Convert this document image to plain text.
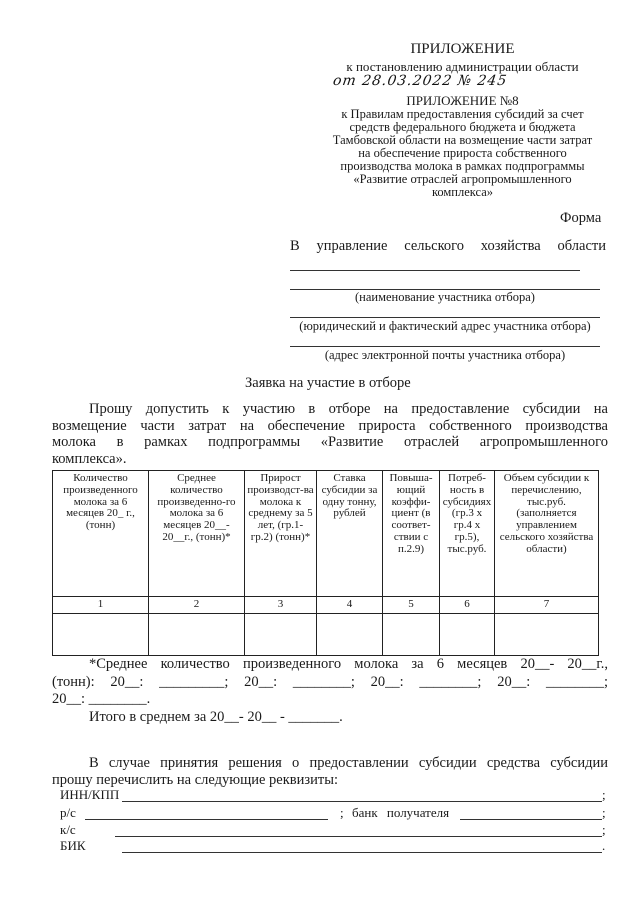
ПРИЛОЖЕНИЕ
к постановлению администрации области
от 28.03.2022 № 245
ПРИЛОЖЕНИЕ №8
к Правилам предоставления субсидий за счет
средств федерального бюджета и бюджета
Тамбовской области на возмещение части затрат
на обеспечение прироста собственного
производства молока в рамках подпрограммы
«Развитие отраслей агропромышленного
комплекса»
Форма
В управление сельского хозяйства области
(наименование участника отбора)
(юридический и фактический адрес участника отбора)
(адрес электронной почты участника отбора)
Заявка на участие в отборе
Прошу допустить к участию в отборе на предоставление субсидии на
возмещение части затрат на обеспечение прироста собственного производства
молока в рамках подпрограммы «Развитие отраслей агропромышленного
комплекса».
Количество произведенного молока за 6 месяцев 20_ г., (тонн)	Среднее количество произведенно-го молока за 6 месяцев 20__- 20__г., (тонн)*	Прирост производст-ва молока к среднему за 5 лет, (гр.1-гр.2) (тонн)*	Ставка субсидии за одну тонну, рублей	Повыша-ющий коэффи-циент (в соответ-ствии с п.2.9)	Потреб-ность в субсидиях (гр.3 х гр.4 х гр.5), тыс.руб.	Объем субсидии к перечислению, тыс.руб. (заполняется управлением сельского хозяйства области)
1	2	3	4	5	6	7

*Среднее количество произведенного молока за 6 месяцев 20__- 20__г.,
(тонн): 20__: _________; 20__: ________; 20__: ________; 20__: ________;
20__: ________.
Итого в среднем за 20__- 20__ - _______.
В случае принятия решения о предоставлении субсидии средства субсидии
прошу перечислить на следующие реквизиты:
ИНН/КПП	;
р/с	; банк получателя	;
к/с	;
БИК	.
